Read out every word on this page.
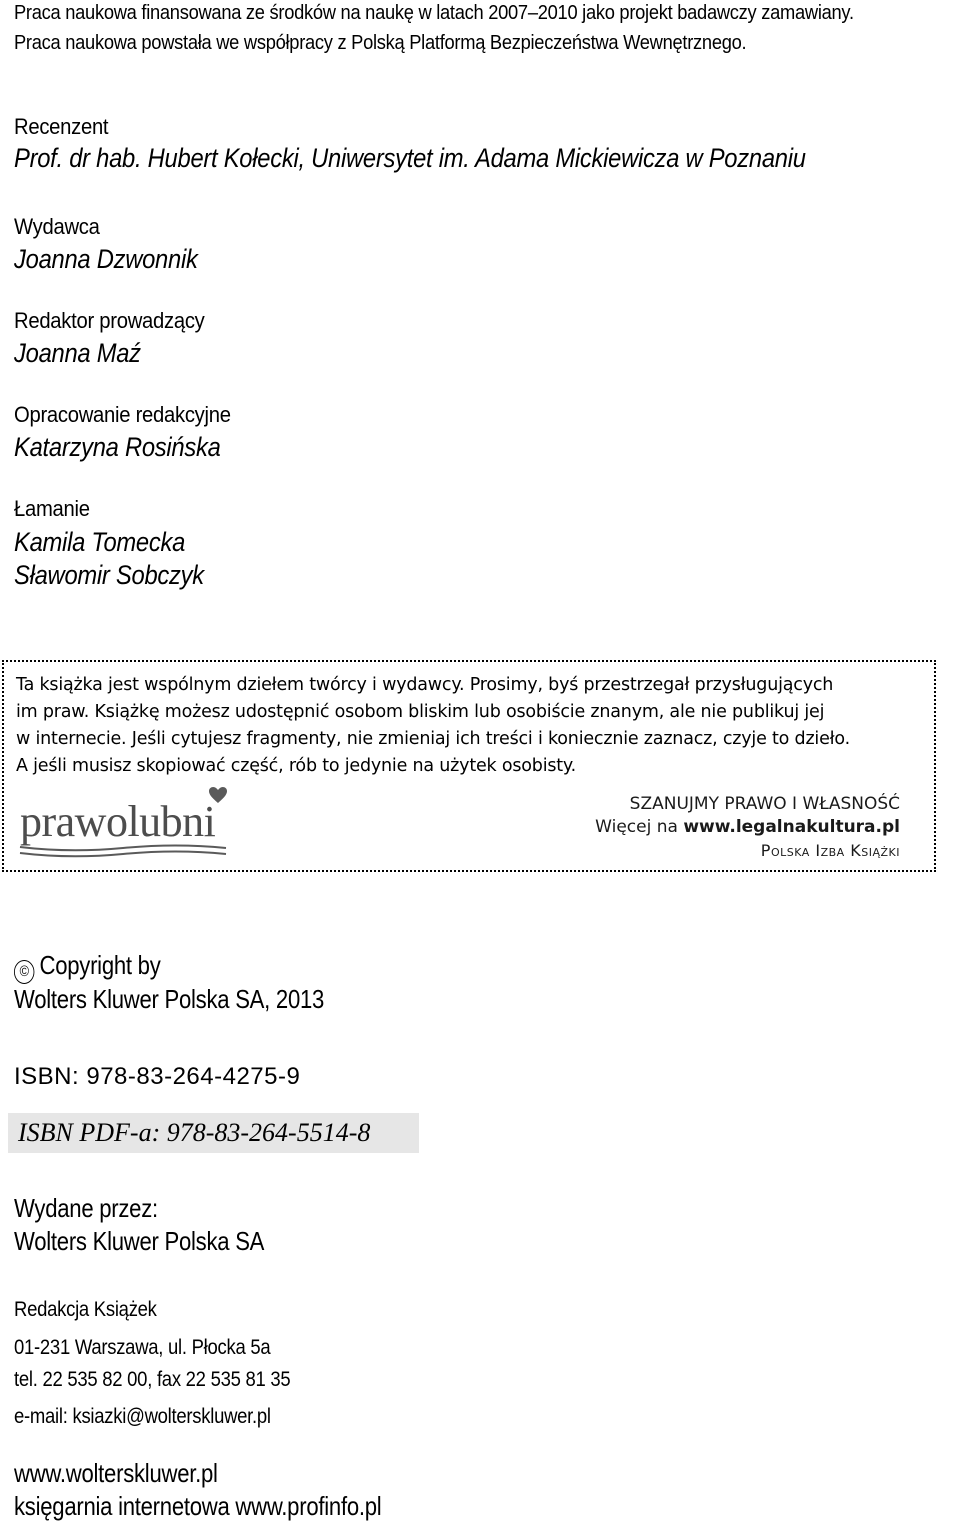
Praca naukowa finansowana ze środków na naukę w latach 2007–2010 jako projekt badawczy zamawiany.
Praca naukowa powstała we współpracy z Polską Platformą Bezpieczeństwa Wewnętrznego.
Recenzent
Prof. dr hab. Hubert Kołecki, Uniwersytet im. Adama Mickiewicza w Poznaniu
Wydawca
Joanna Dzwonnik
Redaktor prowadzący
Joanna Maź
Opracowanie redakcyjne
Katarzyna Rosińska
Łamanie
Kamila Tomecka
Sławomir Sobczyk
Ta książka jest wspólnym dziełem twórcy i wydawcy. Prosimy, byś przestrzegał przysługujących
im praw. Książkę możesz udostępnić osobom bliskim lub osobiście znanym, ale nie publikuj jej
w internecie. Jeśli cytujesz fragmenty, nie zmieniaj ich treści i koniecznie zaznacz, czyje to dzieło.
A jeśli musisz skopiować część, rób to jedynie na użytek osobisty.
prawolubni	SZANUJMY PRAWO I WŁASNOŚĆ
Więcej na www.legalnakultura.pl
Polska Izba Książki
© Copyright by
Wolters Kluwer Polska SA, 2013
ISBN: 978-83-264-4275-9
ISBN PDF-a: 978-83-264-5514-8
Wydane przez:
Wolters Kluwer Polska SA
Redakcja Książek
01-231 Warszawa, ul. Płocka 5a
tel. 22 535 82 00, fax 22 535 81 35
e-mail: ksiazki@wolterskluwer.pl
www.wolterskluwer.pl
księgarnia internetowa www.profinfo.pl
